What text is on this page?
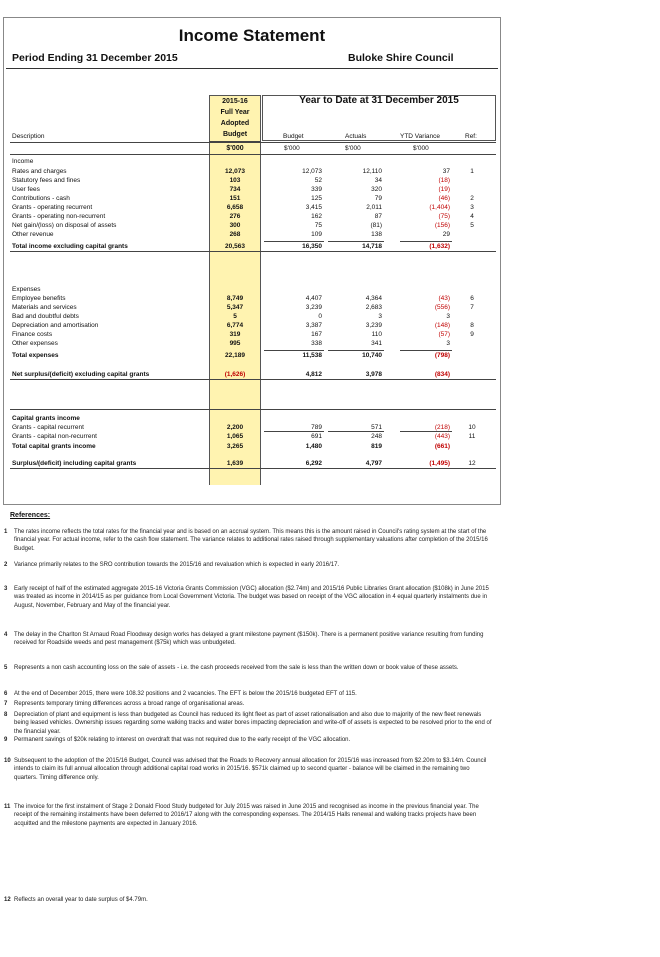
Income Statement
Period Ending 31 December 2015	Buloke Shire Council
2015-16
Full Year
Adopted
Budget
$'000
Year to Date at 31 December 2015
Description	Budget	Actuals	YTD Variance	Ref:
$'000	$'000	$'000
Income
Rates and charges	12,073	12,073	12,110	37	1
Statutory fees and fines	103	52	34	(18)
User fees	734	339	320	(19)
Contributions - cash	151	125	79	(46)	2
Grants - operating recurrent	6,658	3,415	2,011	(1,404)	3
Grants - operating non-recurrent	276	162	87	(75)	4
Net gain/(loss) on disposal of assets	300	75	(81)	(156)	5
Other revenue	268	109	138	29
Total income excluding capital grants	20,563	16,350	14,718	(1,632)
Expenses
Employee benefits	8,749	4,407	4,364	(43)	6
Materials and services	5,347	3,239	2,683	(556)	7
Bad and doubtful debts	5	0	3	3
Depreciation and amortisation	6,774	3,387	3,239	(148)	8
Finance costs	319	167	110	(57)	9
Other expenses	995	338	341	3
Total expenses	22,189	11,538	10,740	(798)
Net surplus/(deficit) excluding capital grants	(1,626)	4,812	3,978	(834)
Capital grants income
Grants - capital recurrent	2,200	789	571	(218)	10
Grants - capital non-recurrent	1,065	691	248	(443)	11
Total capital grants income	3,265	1,480	819	(661)
Surplus/(deficit) including capital grants	1,639	6,292	4,797	(1,495)	12
References:
1 The rates income reflects the total rates for the financial year and is based on an accrual system. This means this is the amount raised in Council's rating system at the start of the financial year. For actual income, refer to the cash flow statement. The variance relates to additional rates raised through supplementary valuations after completion of the 2015/16 Budget.
2 Variance primarily relates to the SRO contribution towards the 2015/16 and revaluation which is expected in early 2016/17.
3 Early receipt of half of the estimated aggregate 2015-16 Victoria Grants Commission (VGC) allocation ($2.74m) and 2015/16 Public Libraries Grant allocation ($108k) in June 2015 was treated as income in 2014/15 as per guidance from Local Government Victoria. The budget was based on receipt of the VGC allocation in 4 equal quarterly instalments due in August, November, February and May of the financial year.
4 The delay in the Charlton St Arnaud Road Floodway design works has delayed a grant milestone payment ($150k). There is a permanent positive variance resulting from funding received for Roadside weeds and pest management ($75k) which was unbudgeted.
5 Represents a non cash accounting loss on the sale of assets - i.e. the cash proceeds received from the sale is less than the written down or book value of these assets.
6 At the end of December 2015, there were 108.32 positions and 2 vacancies. The EFT is below the 2015/16 budgeted EFT of 115.
7 Represents temporary timing differences across a broad range of organisational areas.
8 Depreciation of plant and equipment is less than budgeted as Council has reduced its light fleet as part of asset rationalisation and also due to majority of the new fleet renewals being leased vehicles. Ownership issues regarding some walking tracks and water bores impacting depreciation and write-off of assets is expected to be resolved prior to the end of the financial year.
9 Permanent savings of $20k relating to interest on overdraft that was not required due to the early receipt of the VGC allocation.
10 Subsequent to the adoption of the 2015/16 Budget, Council was advised that the Roads to Recovery annual allocation for 2015/16 was increased from $2.20m to $3.14m. Council intends to claim its full annual allocation through additional capital road works in 2015/16. $571k claimed up to second quarter - balance will be claimed in the remaining two quarters. Timing difference only.
11 The invoice for the first instalment of Stage 2 Donald Flood Study budgeted for July 2015 was raised in June 2015 and recognised as income in the previous financial year. The receipt of the remaining instalments have been deferred to 2016/17 along with the corresponding expenses. The 2014/15 Halls renewal and walking tracks projects have been acquitted and the milestone payments are expected in January 2016.
12 Reflects an overall year to date surplus of $4.79m.
